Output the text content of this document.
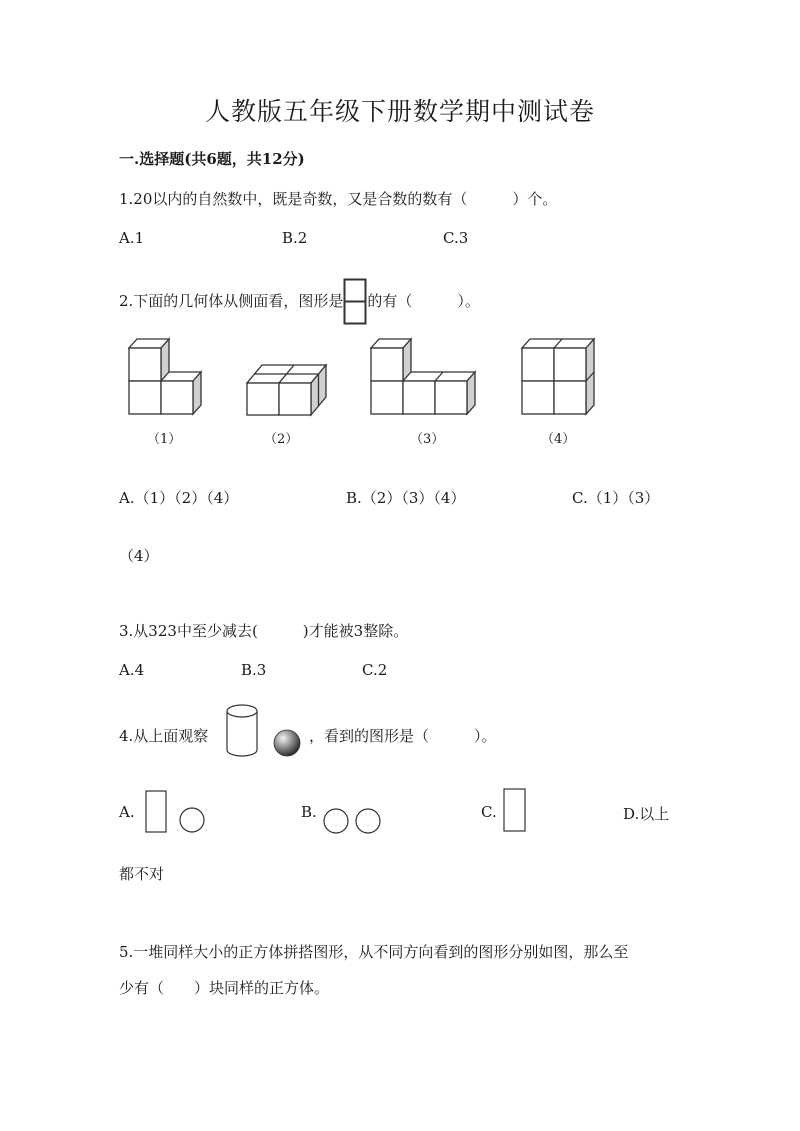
人教版五年级下册数学期中测试卷
一.选择题(共6题，共12分)
1.20以内的自然数中，既是奇数，又是合数的数有（　　　）个。
A.1	B.2	C.3
2.下面的几何体从侧面看，图形是 的有（　　　）。
（1）	（2）	（3）	（4）
A.（1）（2）（4）	B.（2）（3）（4）	C.（1）（3）
（4）
3.从323中至少减去(　　　)才能被3整除。
A.4	B.3	C.2
4.从上面观察	，看到的图形是（　　　）。
A.	B.	C.	D.以上
都不对
5.一堆同样大小的正方体拼搭图形，从不同方向看到的图形分别如图，那么至
少有（　　）块同样的正方体。
